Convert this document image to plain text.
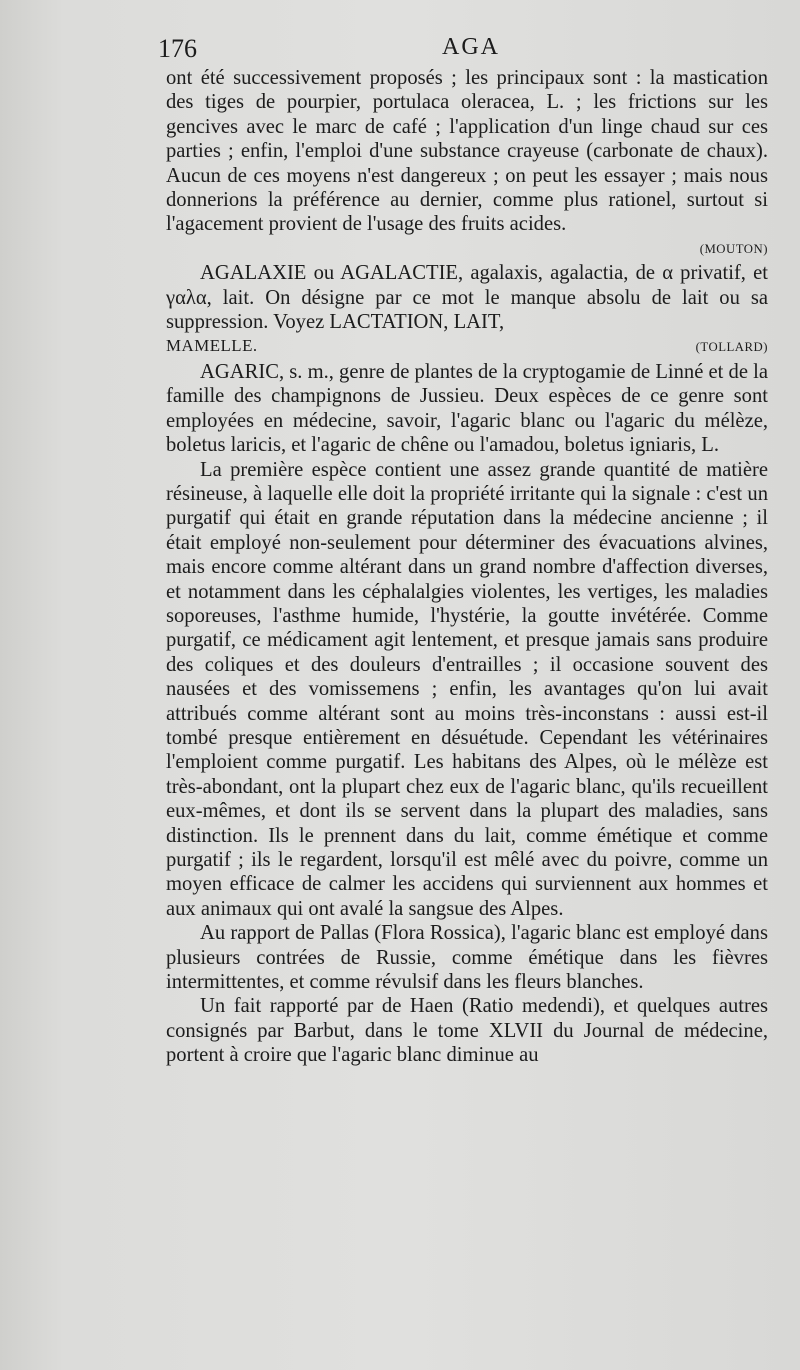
176	AGA

ont été successivement proposés ; les principaux sont : la mastication des tiges de pourpier, portulaca oleracea, L. ; les frictions sur les gencives avec le marc de café ; l'application d'un linge chaud sur ces parties ; enfin, l'emploi d'une substance crayeuse (carbonate de chaux). Aucun de ces moyens n'est dangereux ; on peut les essayer ; mais nous donnerions la préférence au dernier, comme plus rationel, surtout si l'agacement provient de l'usage des fruits acides.

(MOUTON)

AGALAXIE ou AGALACTIE, agalaxis, agalactia, de α privatif, et γαλα, lait. On désigne par ce mot le manque absolu de lait ou sa suppression. Voyez LACTATION, LAIT,

MAMELLE.	(TOLLARD)

AGARIC, s. m., genre de plantes de la cryptogamie de Linné et de la famille des champignons de Jussieu. Deux espèces de ce genre sont employées en médecine, savoir, l'agaric blanc ou l'agaric du mélèze, boletus laricis, et l'agaric de chêne ou l'amadou, boletus igniaris, L.

La première espèce contient une assez grande quantité de matière résineuse, à laquelle elle doit la propriété irritante qui la signale : c'est un purgatif qui était en grande réputation dans la médecine ancienne ; il était employé non-seulement pour déterminer des évacuations alvines, mais encore comme altérant dans un grand nombre d'affection diverses, et notamment dans les céphalalgies violentes, les vertiges, les maladies soporeuses, l'asthme humide, l'hystérie, la goutte invétérée. Comme purgatif, ce médicament agit lentement, et presque jamais sans produire des coliques et des douleurs d'entrailles ; il occasione souvent des nausées et des vomissemens ; enfin, les avantages qu'on lui avait attribués comme altérant sont au moins très-inconstans : aussi est-il tombé presque entièrement en désuétude. Cependant les vétérinaires l'emploient comme purgatif. Les habitans des Alpes, où le mélèze est très-abondant, ont la plupart chez eux de l'agaric blanc, qu'ils recueillent eux-mêmes, et dont ils se servent dans la plupart des maladies, sans distinction. Ils le prennent dans du lait, comme émétique et comme purgatif ; ils le regardent, lorsqu'il est mêlé avec du poivre, comme un moyen efficace de calmer les accidens qui surviennent aux hommes et aux animaux qui ont avalé la sangsue des Alpes.

Au rapport de Pallas (Flora Rossica), l'agaric blanc est employé dans plusieurs contrées de Russie, comme émétique dans les fièvres intermittentes, et comme révulsif dans les fleurs blanches.

Un fait rapporté par de Haen (Ratio medendi), et quelques autres consignés par Barbut, dans le tome XLVII du Journal de médecine, portent à croire que l'agaric blanc diminue au
